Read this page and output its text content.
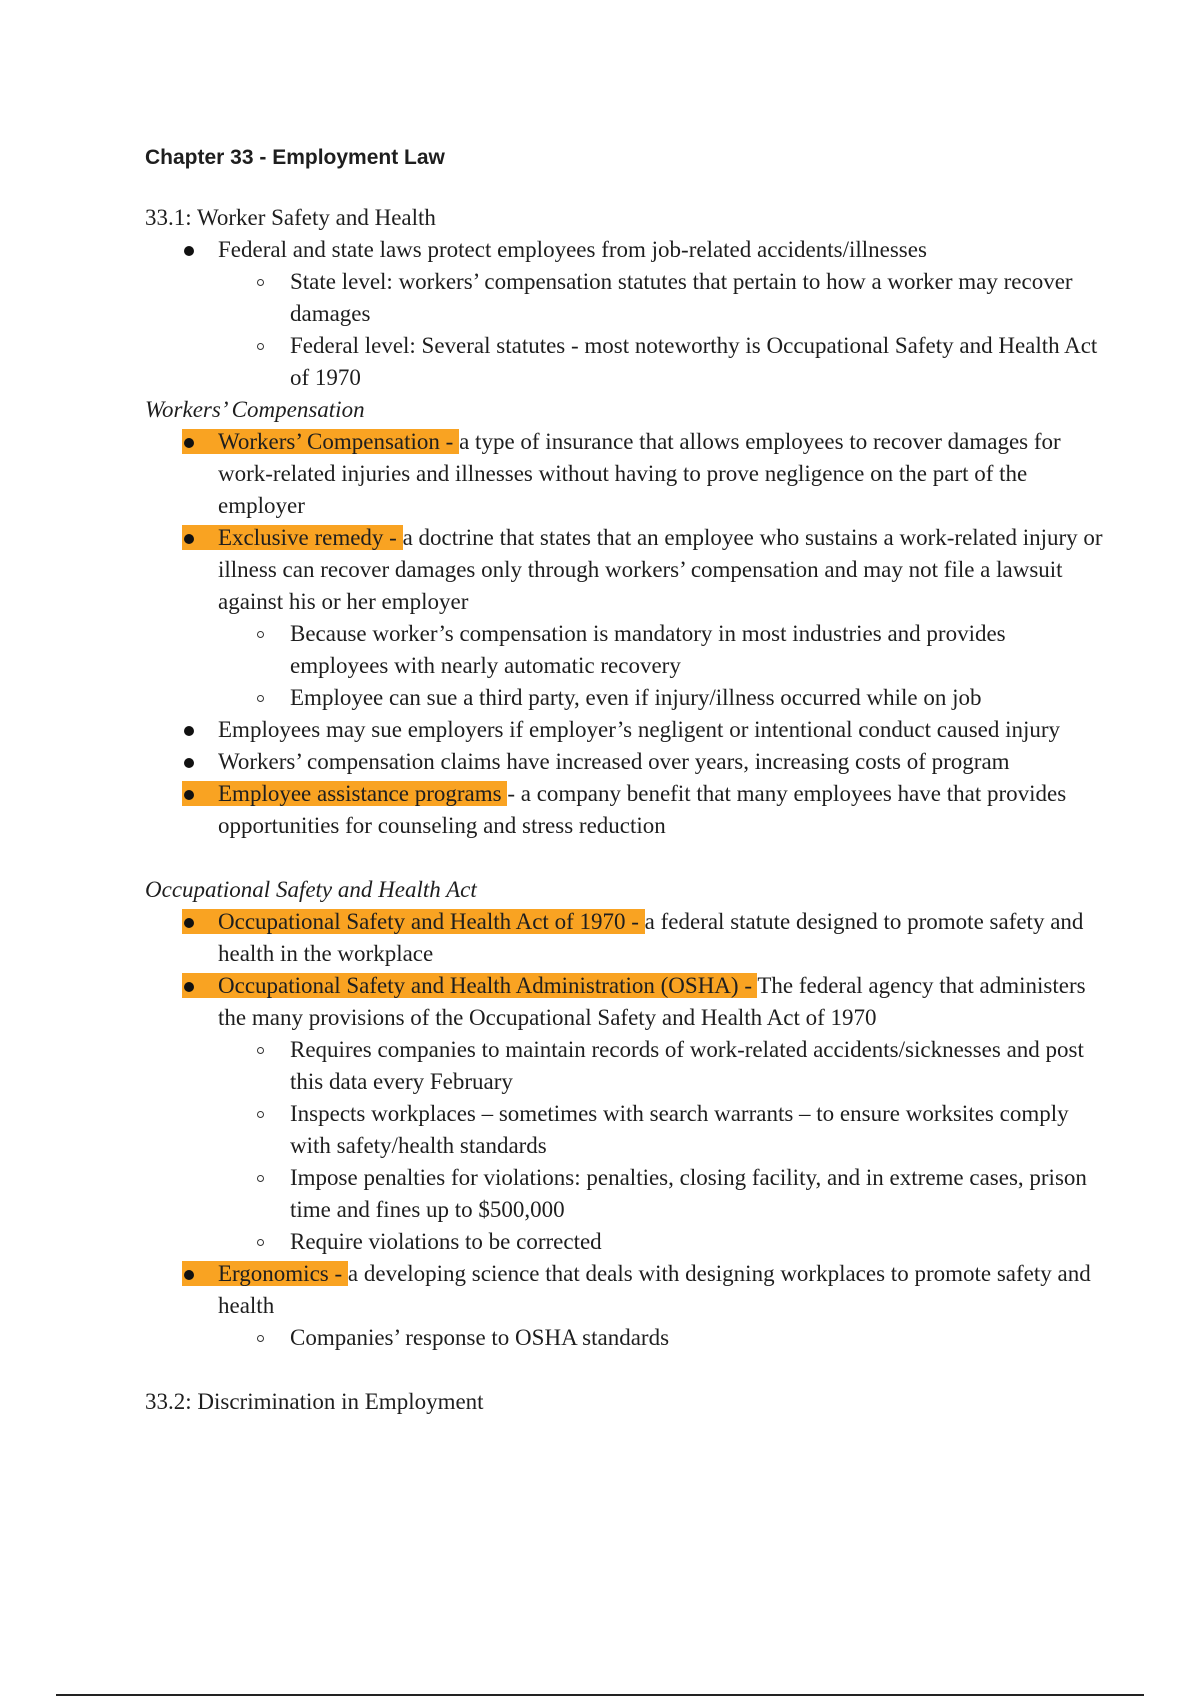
Chapter 33 - Employment Law
33.1: Worker Safety and Health
Federal and state laws protect employees from job-related accidents/illnesses
State level: workers’ compensation statutes that pertain to how a worker may recover damages
Federal level: Several statutes - most noteworthy is Occupational Safety and Health Act of 1970
Workers’ Compensation
Workers’ Compensation - a type of insurance that allows employees to recover damages for work-related injuries and illnesses without having to prove negligence on the part of the employer
Exclusive remedy - a doctrine that states that an employee who sustains a work-related injury or illness can recover damages only through workers’ compensation and may not file a lawsuit against his or her employer
Because worker’s compensation is mandatory in most industries and provides employees with nearly automatic recovery
Employee can sue a third party, even if injury/illness occurred while on job
Employees may sue employers if employer’s negligent or intentional conduct caused injury
Workers’ compensation claims have increased over years, increasing costs of program
Employee assistance programs - a company benefit that many employees have that provides opportunities for counseling and stress reduction
Occupational Safety and Health Act
Occupational Safety and Health Act of 1970 - a federal statute designed to promote safety and health in the workplace
Occupational Safety and Health Administration (OSHA) - The federal agency that administers the many provisions of the Occupational Safety and Health Act of 1970
Requires companies to maintain records of work-related accidents/sicknesses and post this data every February
Inspects workplaces – sometimes with search warrants – to ensure worksites comply with safety/health standards
Impose penalties for violations: penalties, closing facility, and in extreme cases, prison time and fines up to $500,000
Require violations to be corrected
Ergonomics - a developing science that deals with designing workplaces to promote safety and health
Companies’ response to OSHA standards
33.2: Discrimination in Employment
